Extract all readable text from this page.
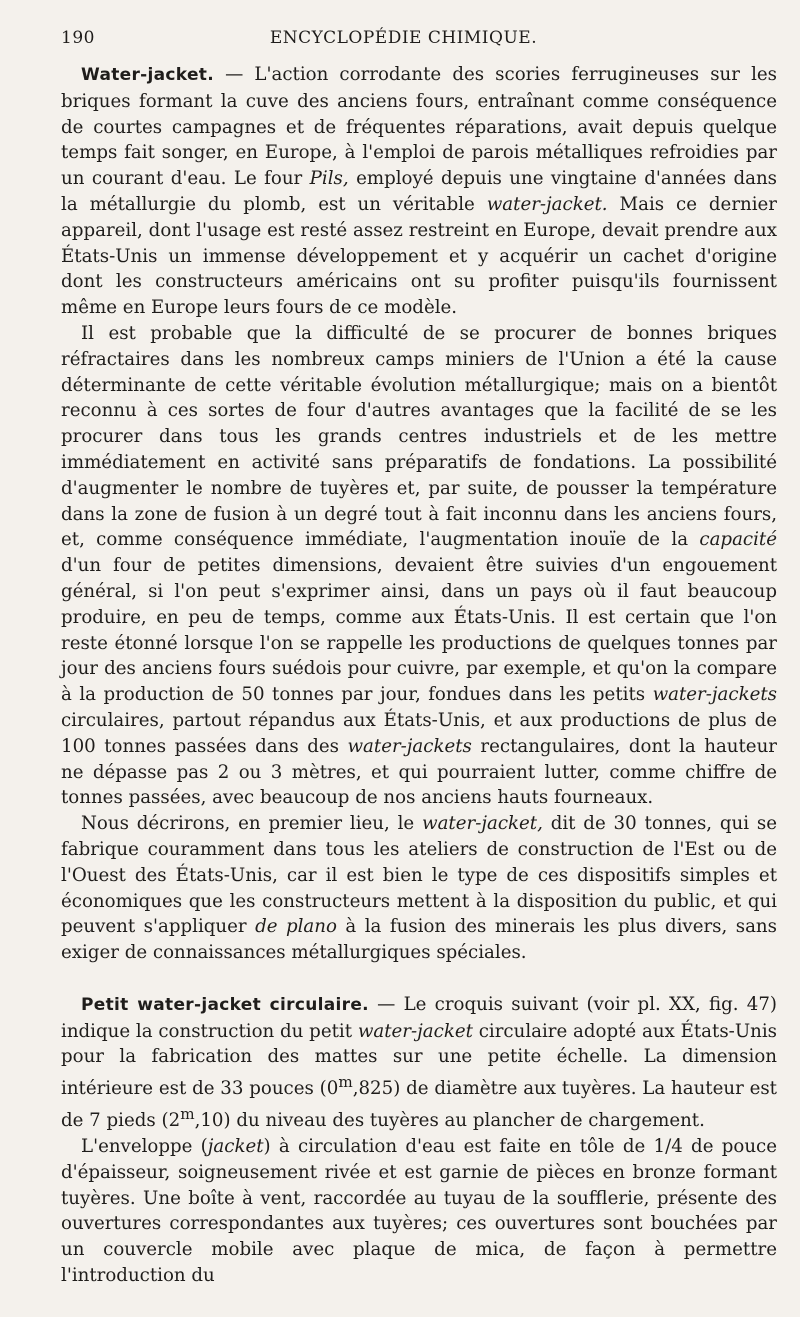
190	ENCYCLOPÉDIE CHIMIQUE.

Water-jacket. — L'action corrodante des scories ferrugineuses sur les briques formant la cuve des anciens fours, entraînant comme conséquence de courtes campagnes et de fréquentes réparations, avait depuis quelque temps fait songer, en Europe, à l'emploi de parois métalliques refroidies par un courant d'eau. Le four Pils, employé depuis une vingtaine d'années dans la métallurgie du plomb, est un véritable water-jacket. Mais ce dernier appareil, dont l'usage est resté assez restreint en Europe, devait prendre aux États-Unis un immense développement et y acquérir un cachet d'origine dont les constructeurs américains ont su profiter puisqu'ils fournissent même en Europe leurs fours de ce modèle.

Il est probable que la difficulté de se procurer de bonnes briques réfractaires dans les nombreux camps miniers de l'Union a été la cause déterminante de cette véritable évolution métallurgique; mais on a bientôt reconnu à ces sortes de four d'autres avantages que la facilité de se les procurer dans tous les grands centres industriels et de les mettre immédiatement en activité sans préparatifs de fondations. La possibilité d'augmenter le nombre de tuyères et, par suite, de pousser la température dans la zone de fusion à un degré tout à fait inconnu dans les anciens fours, et, comme conséquence immédiate, l'augmentation inouïe de la capacité d'un four de petites dimensions, devaient être suivies d'un engouement général, si l'on peut s'exprimer ainsi, dans un pays où il faut beaucoup produire, en peu de temps, comme aux États-Unis. Il est certain que l'on reste étonné lorsque l'on se rappelle les productions de quelques tonnes par jour des anciens fours suédois pour cuivre, par exemple, et qu'on la compare à la production de 50 tonnes par jour, fondues dans les petits water-jackets circulaires, partout répandus aux États-Unis, et aux productions de plus de 100 tonnes passées dans des water-jackets rectangulaires, dont la hauteur ne dépasse pas 2 ou 3 mètres, et qui pourraient lutter, comme chiffre de tonnes passées, avec beaucoup de nos anciens hauts fourneaux.

Nous décrirons, en premier lieu, le water-jacket, dit de 30 tonnes, qui se fabrique couramment dans tous les ateliers de construction de l'Est ou de l'Ouest des États-Unis, car il est bien le type de ces dispositifs simples et économiques que les constructeurs mettent à la disposition du public, et qui peuvent s'appliquer de plano à la fusion des minerais les plus divers, sans exiger de connaissances métallurgiques spéciales.

Petit water-jacket circulaire. — Le croquis suivant (voir pl. XX, fig. 47) indique la construction du petit water-jacket circulaire adopté aux États-Unis pour la fabrication des mattes sur une petite échelle. La dimension intérieure est de 33 pouces (0$^m$,825) de diamètre aux tuyères. La hauteur est de 7 pieds (2$^m$,10) du niveau des tuyères au plancher de chargement.

L'enveloppe (jacket) à circulation d'eau est faite en tôle de 1/4 de pouce d'épaisseur, soigneusement rivée et est garnie de pièces en bronze formant tuyères. Une boîte à vent, raccordée au tuyau de la soufflerie, présente des ouvertures correspondantes aux tuyères; ces ouvertures sont bouchées par un couvercle mobile avec plaque de mica, de façon à permettre l'introduction du
